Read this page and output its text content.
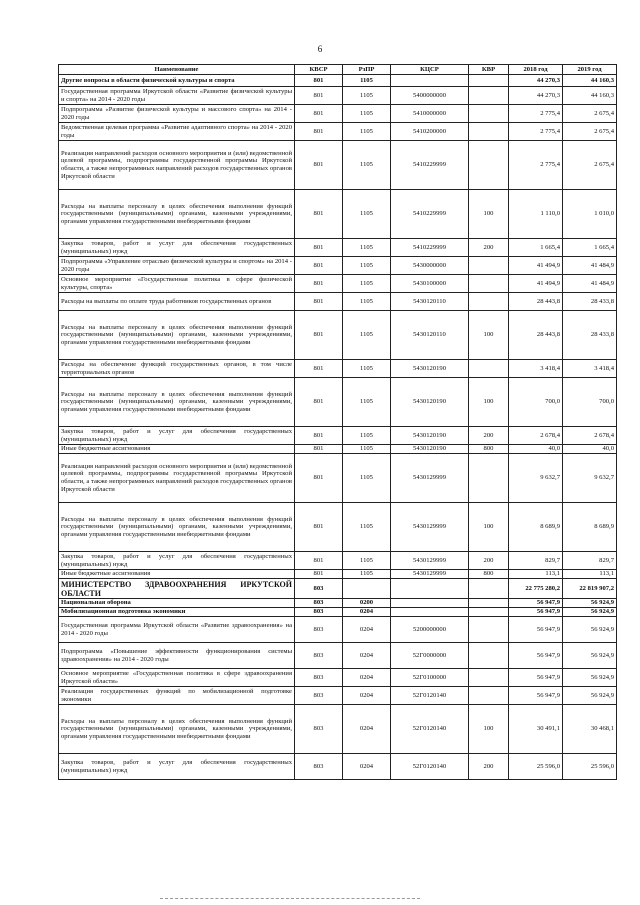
6
Наименование	КВСР	РзПР	КЦСР	КВР	2018 год	2019 год
Другие вопросы в области физической культуры и спорта	801	1105			44 270,3	44 160,3
Государственная программа Иркутской области «Развитие физической культуры и спорта» на 2014 - 2020 годы	801	1105	5400000000		44 270,3	44 160,3
Подпрограмма «Развитие физической культуры и массового спорта» на 2014 - 2020 годы	801	1105	5410000000		2 775,4	2 675,4
Ведомственная целевая программа «Развитие адаптивного спорта» на 2014 - 2020 годы	801	1105	5410200000		2 775,4	2 675,4
Реализация направлений расходов основного мероприятия и (или) ведомственной целевой программы, подпрограммы государственной программы Иркутской области, а также непрограммных направлений расходов государственных органов Иркутской области	801	1105	5410229999		2 775,4	2 675,4
Расходы на выплаты персоналу в целях обеспечения выполнения функций государственными (муниципальными) органами, казенными учреждениями, органами управления государственными внебюджетными фондами	801	1105	5410229999	100	1 110,0	1 010,0
Закупка товаров, работ и услуг для обеспечения государственных (муниципальных) нужд	801	1105	5410229999	200	1 665,4	1 665,4
Подпрограмма «Управление отраслью физической культуры и спортом» на 2014 - 2020 годы	801	1105	5430000000		41 494,9	41 484,9
Основное мероприятие «Государственная политика в сфере физической культуры, спорта»	801	1105	5430100000		41 494,9	41 484,9
Расходы на выплаты по оплате труда работников государственных органов	801	1105	5430120110		28 443,8	28 433,8
Расходы на выплаты персоналу в целях обеспечения выполнения функций государственными (муниципальными) органами, казенными учреждениями, органами управления государственными внебюджетными фондами	801	1105	5430120110	100	28 443,8	28 433,8
Расходы на обеспечение функций государственных органов, в том числе территориальных органов	801	1105	5430120190		3 418,4	3 418,4
Расходы на выплаты персоналу в целях обеспечения выполнения функций государственными (муниципальными) органами, казенными учреждениями, органами управления государственными внебюджетными фондами	801	1105	5430120190	100	700,0	700,0
Закупка товаров, работ и услуг для обеспечения государственных (муниципальных) нужд	801	1105	5430120190	200	2 678,4	2 678,4
Иные бюджетные ассигнования	801	1105	5430120190	800	40,0	40,0
Реализация направлений расходов основного мероприятия и (или) ведомственной целевой программы, подпрограммы государственной программы Иркутской области, а также непрограммных направлений расходов государственных органов Иркутской области	801	1105	5430129999		9 632,7	9 632,7
Расходы на выплаты персоналу в целях обеспечения выполнения функций государственными (муниципальными) органами, казенными учреждениями, органами управления государственными внебюджетными фондами	801	1105	5430129999	100	8 689,9	8 689,9
Закупка товаров, работ и услуг для обеспечения государственных (муниципальных) нужд	801	1105	5430129999	200	829,7	829,7
Иные бюджетные ассигнования	801	1105	5430129999	800	113,1	113,1
МИНИСТЕРСТВО ЗДРАВООХРАНЕНИЯ ИРКУТСКОЙ ОБЛАСТИ	803				22 775 280,2	22 819 907,2
Национальная оборона	803	0200			56 947,9	56 924,9
Мобилизационная подготовка экономики	803	0204			56 947,9	56 924,9
Государственная программа Иркутской области «Развитие здравоохранения» на 2014 - 2020 годы	803	0204	5200000000		56 947,9	56 924,9
Подпрограмма «Повышение эффективности функционирования системы здравоохранения» на 2014 - 2020 годы	803	0204	52Г0000000		56 947,9	56 924,9
Основное мероприятие «Государственная политика в сфере здравоохранения Иркутской области»	803	0204	52Г0100000		56 947,9	56 924,9
Реализация государственных функций по мобилизационной подготовке экономики	803	0204	52Г0120140		56 947,9	56 924,9
Расходы на выплаты персоналу в целях обеспечения выполнения функций государственными (муниципальными) органами, казенными учреждениями, органами управления государственными внебюджетными фондами	803	0204	52Г0120140	100	30 491,1	30 468,1
Закупка товаров, работ и услуг для обеспечения государственных (муниципальных) нужд	803	0204	52Г0120140	200	25 596,0	25 596,0
